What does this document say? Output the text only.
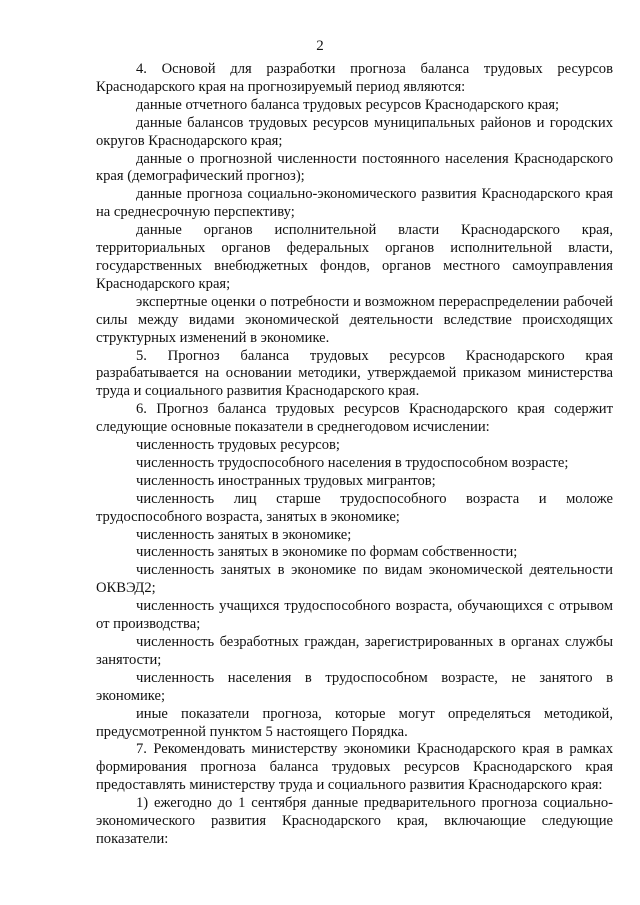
2

4. Основой для разработки прогноза баланса трудовых ресурсов Краснодарского края на прогнозируемый период являются:

данные отчетного баланса трудовых ресурсов Краснодарского края;

данные балансов трудовых ресурсов муниципальных районов и городских округов Краснодарского края;

данные о прогнозной численности постоянного населения Краснодарского края (демографический прогноз);

данные прогноза социально-экономического развития Краснодарского края на среднесрочную перспективу;

данные органов исполнительной власти Краснодарского края, территориальных органов федеральных органов исполнительной власти, государственных внебюджетных фондов, органов местного самоуправления Краснодарского края;

экспертные оценки о потребности и возможном перераспределении рабочей силы между видами экономической деятельности вследствие происходящих структурных изменений в экономике.

5. Прогноз баланса трудовых ресурсов Краснодарского края разрабатывается на основании методики, утверждаемой приказом министерства труда и социального развития Краснодарского края.

6. Прогноз баланса трудовых ресурсов Краснодарского края содержит следующие основные показатели в среднегодовом исчислении:

численность трудовых ресурсов;

численность трудоспособного населения в трудоспособном возрасте;

численность иностранных трудовых мигрантов;

численность лиц старше трудоспособного возраста и моложе трудоспособного возраста, занятых в экономике;

численность занятых в экономике;

численность занятых в экономике по формам собственности;

численность занятых в экономике по видам экономической деятельности ОКВЭД2;

численность учащихся трудоспособного возраста, обучающихся с отрывом от производства;

численность безработных граждан, зарегистрированных в органах службы занятости;

численность населения в трудоспособном возрасте, не занятого в экономике;

иные показатели прогноза, которые могут определяться методикой, предусмотренной пунктом 5 настоящего Порядка.

7. Рекомендовать министерству экономики Краснодарского края в рамках формирования прогноза баланса трудовых ресурсов Краснодарского края предоставлять министерству труда и социального развития Краснодарского края:

1) ежегодно до 1 сентября данные предварительного прогноза социально-экономического развития Краснодарского края, включающие следующие показатели:
